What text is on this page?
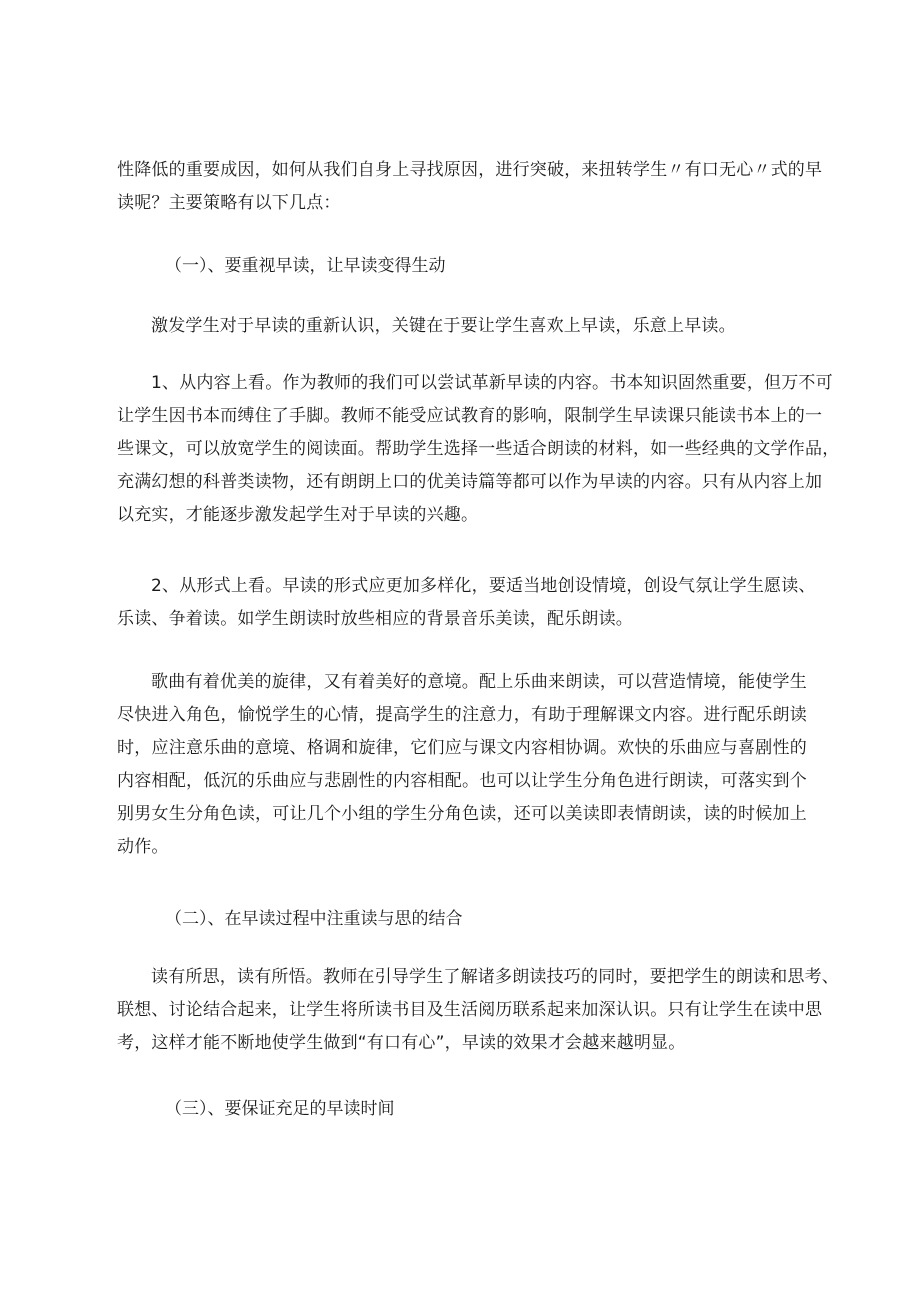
性降低的重要成因，如何从我们自身上寻找原因，进行突破，来扭转学生〃有口无心〃式的早
读呢？主要策略有以下几点：
（一）、要重视早读，让早读变得生动
激发学生对于早读的重新认识，关键在于要让学生喜欢上早读，乐意上早读。
1、从内容上看。作为教师的我们可以尝试革新早读的内容。书本知识固然重要，但万不可
让学生因书本而缚住了手脚。教师不能受应试教育的影响，限制学生早读课只能读书本上的一
些课文，可以放宽学生的阅读面。帮助学生选择一些适合朗读的材料，如一些经典的文学作品，
充满幻想的科普类读物，还有朗朗上口的优美诗篇等都可以作为早读的内容。只有从内容上加
以充实，才能逐步激发起学生对于早读的兴趣。
2、从形式上看。早读的形式应更加多样化，要适当地创设情境，创设气氛让学生愿读、
乐读、争着读。如学生朗读时放些相应的背景音乐美读，配乐朗读。
歌曲有着优美的旋律，又有着美好的意境。配上乐曲来朗读，可以营造情境，能使学生
尽快进入角色，愉悦学生的心情，提高学生的注意力，有助于理解课文内容。进行配乐朗读
时，应注意乐曲的意境、格调和旋律，它们应与课文内容相协调。欢快的乐曲应与喜剧性的
内容相配，低沉的乐曲应与悲剧性的内容相配。也可以让学生分角色进行朗读，可落实到个
别男女生分角色读，可让几个小组的学生分角色读，还可以美读即表情朗读，读的时候加上
动作。
（二）、在早读过程中注重读与思的结合
读有所思，读有所悟。教师在引导学生了解诸多朗读技巧的同时，要把学生的朗读和思考、
联想、讨论结合起来，让学生将所读书目及生活阅历联系起来加深认识。只有让学生在读中思
考，这样才能不断地使学生做到“有口有心”，早读的效果才会越来越明显。
（三）、要保证充足的早读时间
